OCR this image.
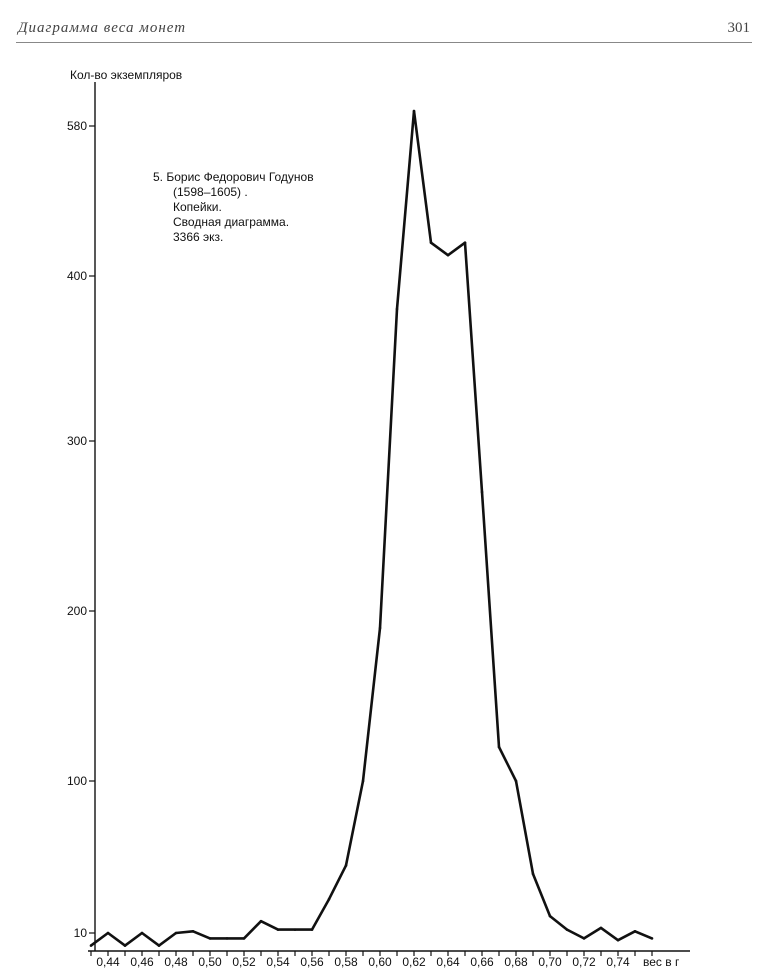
Диаграмма веса монет	301
Кол-во экземпляров
10
100
200
300
400
580
0,44 0,46 0,48 0,50 0,52 0,54 0,56 0,58 0,60 0,62 0,64 0,66 0,68 0,70 0,72 0,74 вес в г
5. Борис Федорович Годунов
(1598–1605) .
Копейки.
Сводная диаграмма.
3366 экз.
